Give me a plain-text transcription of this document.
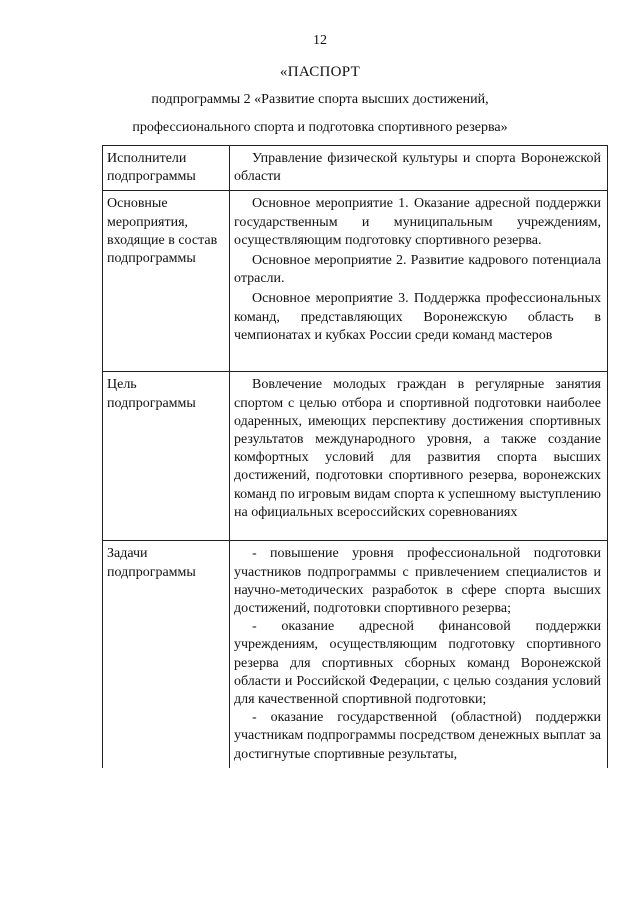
12
«ПАСПОРТ
подпрограммы 2 «Развитие спорта высших достижений,
профессионального спорта и подготовка спортивного резерва»
Исполнители подпрограммы	Управление физической культуры и спорта Воронежской области

Основные мероприятия, входящие в состав подпрограммы	Основное мероприятие 1. Оказание адресной поддержки государственным и муниципальным учреждениям, осуществляющим подготовку спортивного резерва.

Основное мероприятие 2. Развитие кадрового потенциала отрасли.

Основное мероприятие 3. Поддержка профессиональных команд, представляющих Воронежскую область в чемпионатах и кубках России среди команд мастеров

Цель подпрограммы	Вовлечение молодых граждан в регулярные занятия спортом с целью отбора и спортивной подготовки наиболее одаренных, имеющих перспективу достижения спортивных результатов международного уровня, а также создание комфортных условий для развития спорта высших достижений, подготовки спортивного резерва, воронежских команд по игровым видам спорта к успешному выступлению на официальных всероссийских соревнованиях

Задачи подпрограммы	- повышение уровня профессиональной подготовки участников подпрограммы с привлечением специалистов и научно-методических разработок в сфере спорта высших достижений, подготовки спортивного резерва;

- оказание адресной финансовой поддержки учреждениям, осуществляющим подготовку спортивного резерва для спортивных сборных команд Воронежской области и Российской Федерации, с целью создания условий для качественной спортивной подготовки;

- оказание государственной (областной) поддержки участникам подпрограммы посредством денежных выплат за достигнутые спортивные результаты,
